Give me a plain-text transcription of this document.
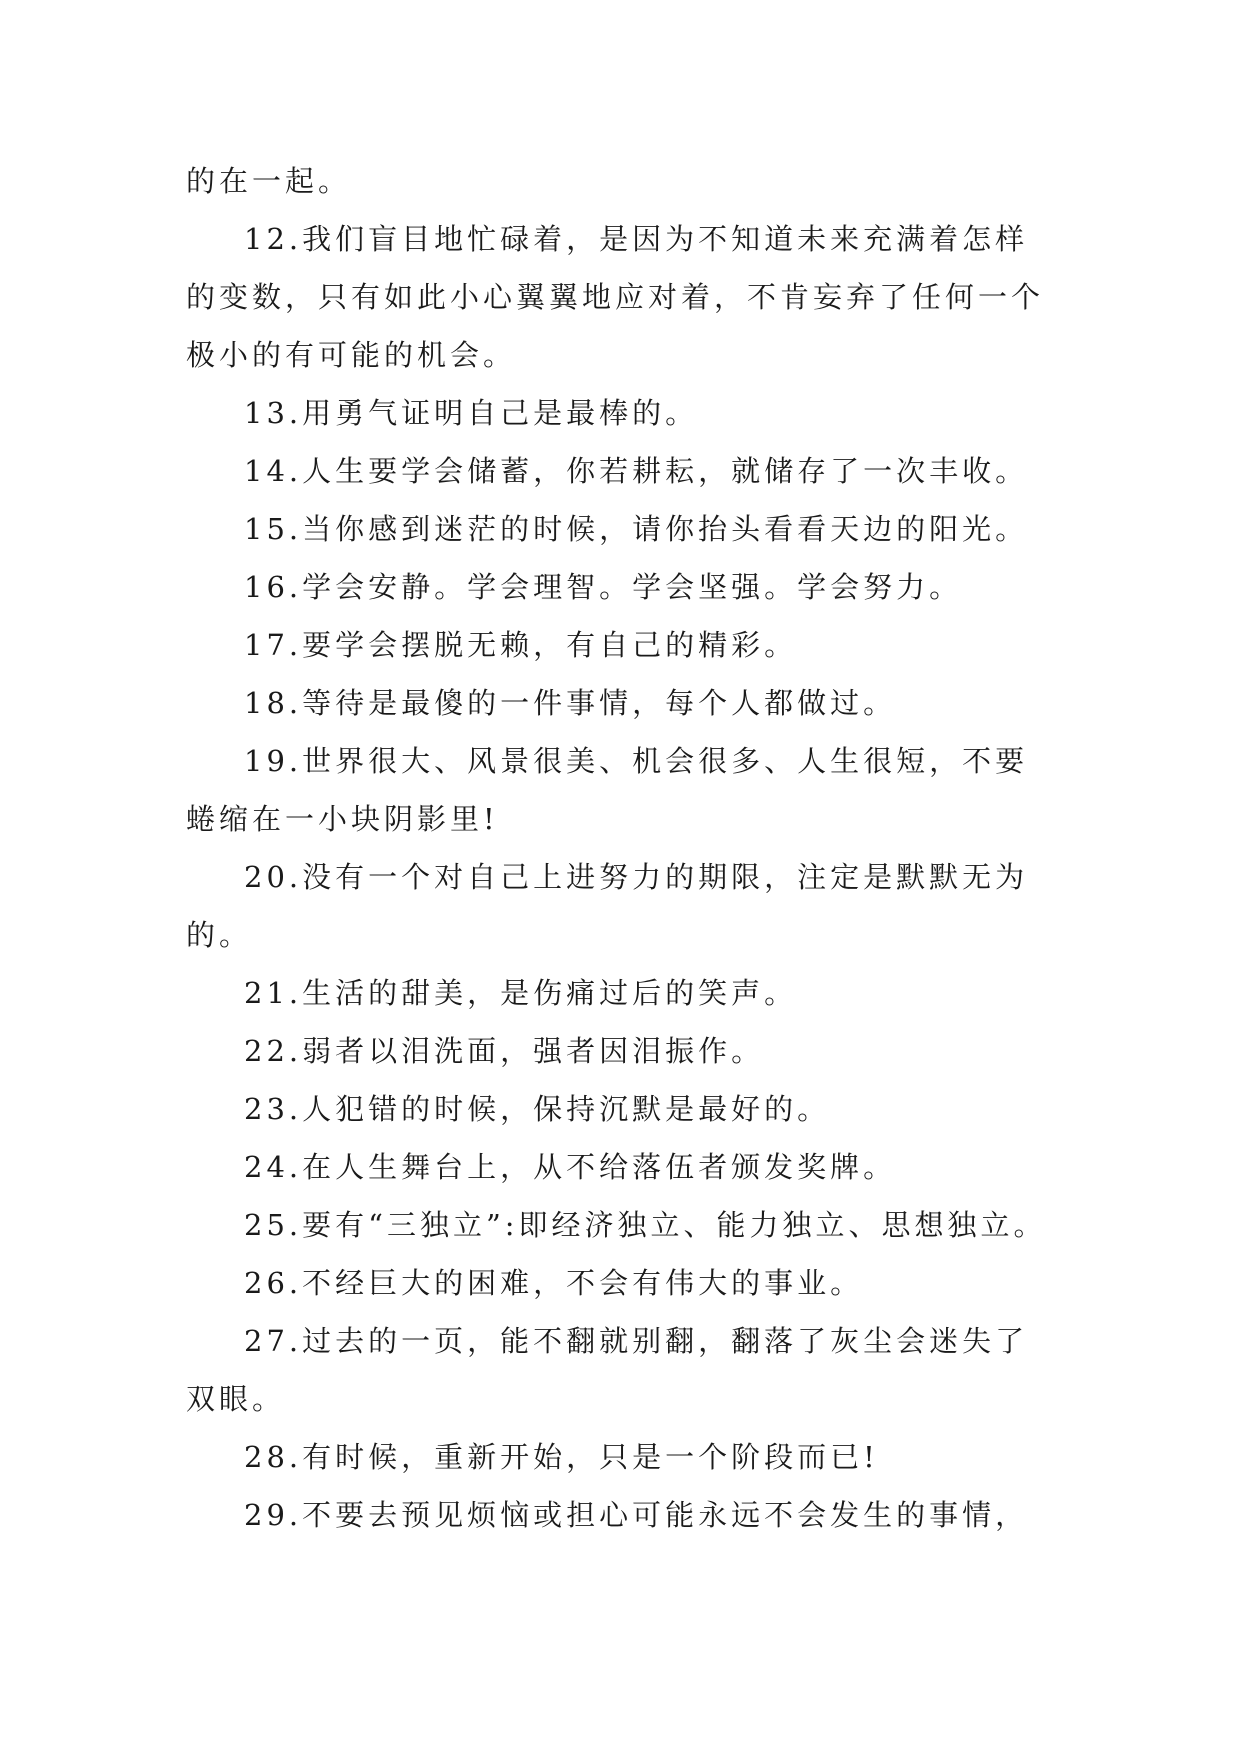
的在一起。

12.我们盲目地忙碌着，是因为不知道未来充满着怎样的变数，只有如此小心翼翼地应对着，不肯妄弃了任何一个极小的有可能的机会。

13.用勇气证明自己是最棒的。

14.人生要学会储蓄，你若耕耘，就储存了一次丰收。

15.当你感到迷茫的时候，请你抬头看看天边的阳光。

16.学会安静。学会理智。学会坚强。学会努力。

17.要学会摆脱无赖，有自己的精彩。

18.等待是最傻的一件事情，每个人都做过。

19.世界很大、风景很美、机会很多、人生很短，不要蜷缩在一小块阴影里!

20.没有一个对自己上进努力的期限，注定是默默无为的。

21.生活的甜美，是伤痛过后的笑声。

22.弱者以泪洗面，强者因泪振作。

23.人犯错的时候，保持沉默是最好的。

24.在人生舞台上，从不给落伍者颁发奖牌。

25.要有“三独立”:即经济独立、能力独立、思想独立。

26.不经巨大的困难，不会有伟大的事业。

27.过去的一页，能不翻就别翻，翻落了灰尘会迷失了双眼。

28.有时候，重新开始，只是一个阶段而已!

29.不要去预见烦恼或担心可能永远不会发生的事情，
